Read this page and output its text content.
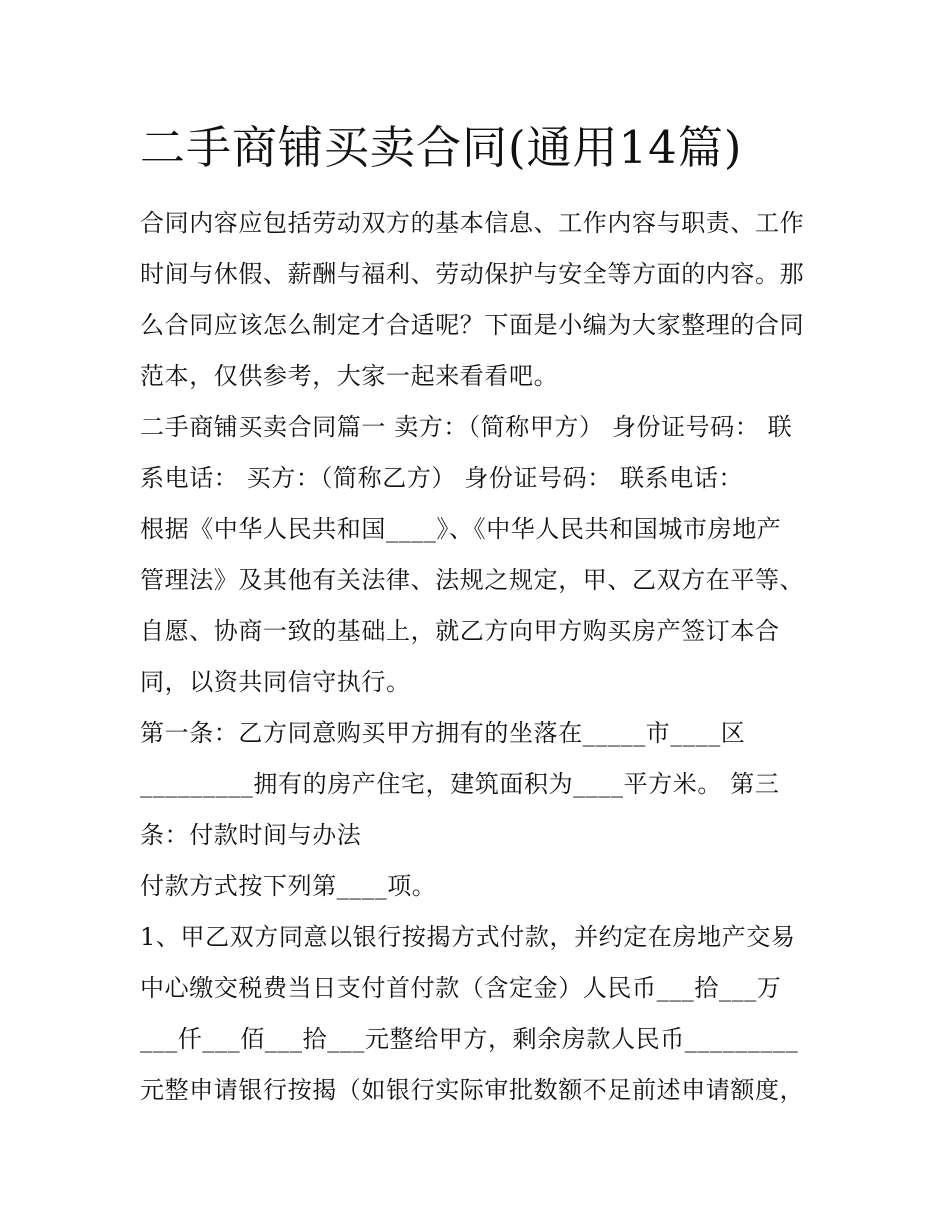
二手商铺买卖合同(通用14篇)

合同内容应包括劳动双方的基本信息、工作内容与职责、工作

时间与休假、薪酬与福利、劳动保护与安全等方面的内容。那

么合同应该怎么制定才合适呢？下面是小编为大家整理的合同

范本，仅供参考，大家一起来看看吧。

二手商铺买卖合同篇一 卖方：（简称甲方） 身份证号码： 联

系电话： 买方：（简称乙方） 身份证号码： 联系电话：

根据《中华人民共和国____》、《中华人民共和国城市房地产

管理法》及其他有关法律、法规之规定，甲、乙双方在平等、

自愿、协商一致的基础上，就乙方向甲方购买房产签订本合

同，以资共同信守执行。

第一条：乙方同意购买甲方拥有的坐落在_____市____区

_________拥有的房产住宅，建筑面积为____平方米。 第三

条：付款时间与办法

付款方式按下列第____项。

1、甲乙双方同意以银行按揭方式付款，并约定在房地产交易

中心缴交税费当日支付首付款（含定金）人民币___拾___万

___仟___佰___拾___元整给甲方，剩余房款人民币_________

元整申请银行按揭（如银行实际审批数额不足前述申请额度，
